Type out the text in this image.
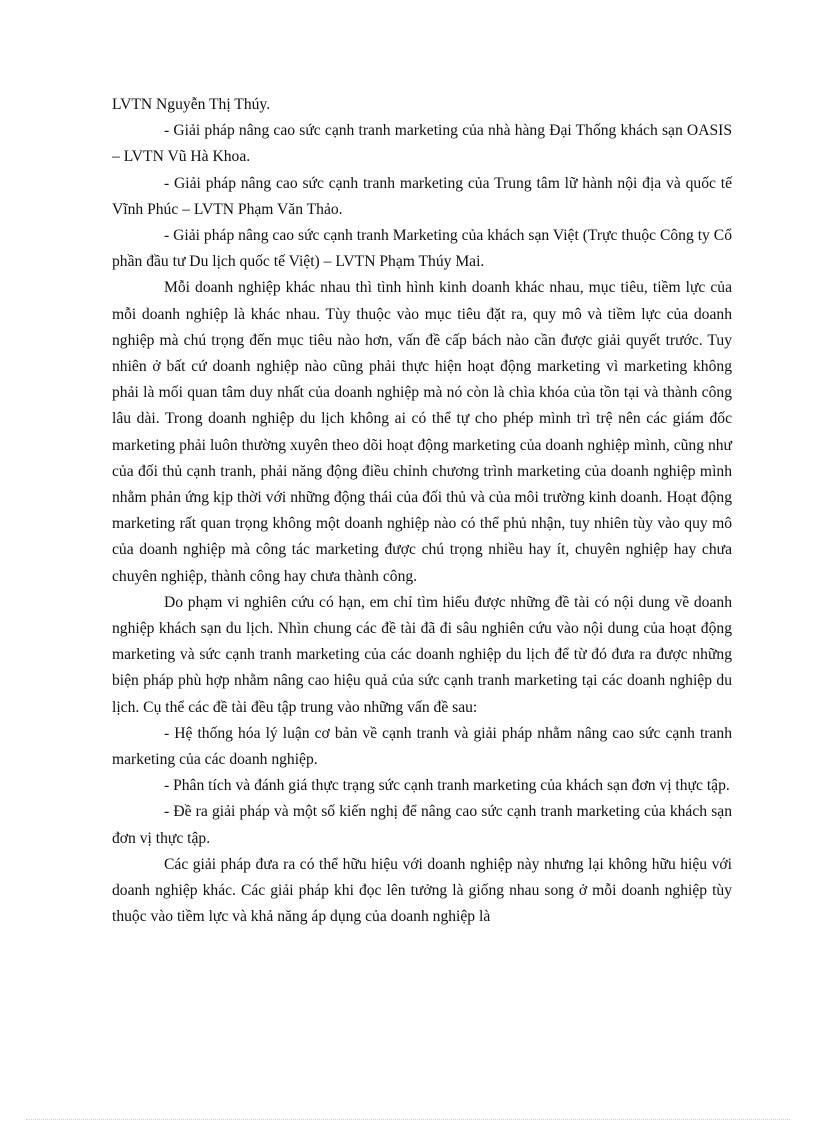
LVTN Nguyễn Thị Thúy.

- Giải pháp nâng cao sức cạnh tranh marketing của nhà hàng Đại Thống khách sạn OASIS – LVTN Vũ Hà Khoa.

- Giải pháp nâng cao sức cạnh tranh marketing của Trung tâm lữ hành nội địa và quốc tế Vĩnh Phúc – LVTN Phạm Văn Thảo.

- Giải pháp nâng cao sức cạnh tranh Marketing của khách sạn Việt (Trực thuộc Công ty Cổ phần đầu tư Du lịch quốc tế Việt) – LVTN Phạm Thúy Mai.

Mỗi doanh nghiệp khác nhau thì tình hình kinh doanh khác nhau, mục tiêu, tiềm lực của mỗi doanh nghiệp là khác nhau. Tùy thuộc vào mục tiêu đặt ra, quy mô và tiềm lực của doanh nghiệp mà chú trọng đến mục tiêu nào hơn, vấn đề cấp bách nào cần được giải quyết trước. Tuy nhiên ở bất cứ doanh nghiệp nào cũng phải thực hiện hoạt động marketing vì marketing không phải là mối quan tâm duy nhất của doanh nghiệp mà nó còn là chìa khóa của tồn tại và thành công lâu dài. Trong doanh nghiệp du lịch không ai có thể tự cho phép mình trì trệ nên các giám đốc marketing phải luôn thường xuyên theo dõi hoạt động marketing của doanh nghiệp mình, cũng như của đối thủ cạnh tranh, phải năng động điều chỉnh chương trình marketing của doanh nghiệp mình nhằm phản ứng kịp thời với những động thái của đối thủ và của môi trường kinh doanh. Hoạt động marketing rất quan trọng không một doanh nghiệp nào có thể phủ nhận, tuy nhiên tùy vào quy mô của doanh nghiệp mà công tác marketing được chú trọng nhiều hay ít, chuyên nghiệp hay chưa chuyên nghiệp, thành công hay chưa thành công.

Do phạm vi nghiên cứu có hạn, em chỉ tìm hiểu được những đề tài có nội dung về doanh nghiệp khách sạn du lịch. Nhìn chung các đề tài đã đi sâu nghiên cứu vào nội dung của hoạt động marketing và sức cạnh tranh marketing của các doanh nghiệp du lịch để từ đó đưa ra được những biện pháp phù hợp nhằm nâng cao hiệu quả của sức cạnh tranh marketing tại các doanh nghiệp du lịch. Cụ thể các đề tài đều tập trung vào những vấn đề sau:

- Hệ thống hóa lý luận cơ bản về cạnh tranh và giải pháp nhằm nâng cao sức cạnh tranh marketing của các doanh nghiệp.

- Phân tích và đánh giá thực trạng sức cạnh tranh marketing của khách sạn đơn vị thực tập.

- Đề ra giải pháp và một số kiến nghị để nâng cao sức cạnh tranh marketing của khách sạn đơn vị thực tập.

Các giải pháp đưa ra có thể hữu hiệu với doanh nghiệp này nhưng lại không hữu hiệu với doanh nghiệp khác. Các giải pháp khi đọc lên tưởng là giống nhau song ở mỗi doanh nghiệp tùy thuộc vào tiềm lực và khả năng áp dụng của doanh nghiệp là
